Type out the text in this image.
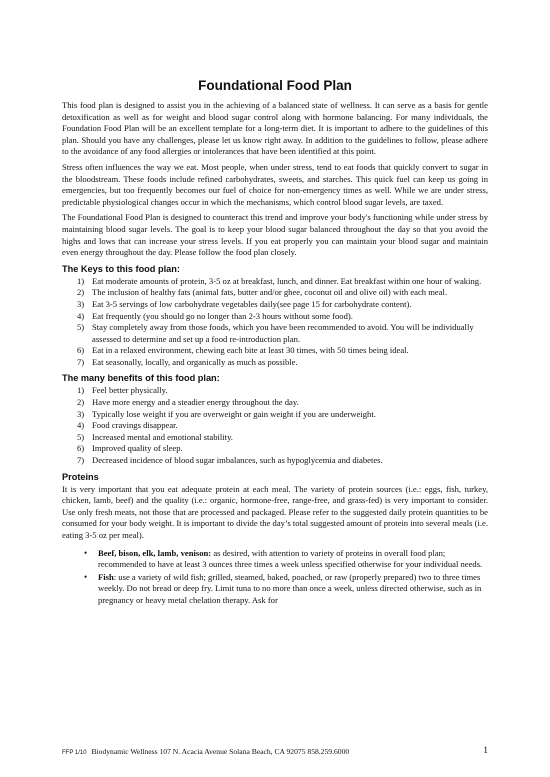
Foundational Food Plan

This food plan is designed to assist you in the achieving of a balanced state of wellness. It can serve as a basis for gentle detoxification as well as for weight and blood sugar control along with hormone balancing. For many individuals, the Foundation Food Plan will be an excellent template for a long-term diet. It is important to adhere to the guidelines of this plan. Should you have any challenges, please let us know right away. In addition to the guidelines to follow, please adhere to the avoidance of any food allergies or intolerances that have been identified at this point.

Stress often influences the way we eat. Most people, when under stress, tend to eat foods that quickly convert to sugar in the bloodstream. These foods include refined carbohydrates, sweets, and starches. This quick fuel can keep us going in emergencies, but too frequently becomes our fuel of choice for non-emergency times as well. While we are under stress, predictable physiological changes occur in which the mechanisms, which control blood sugar levels, are taxed.

The Foundational Food Plan is designed to counteract this trend and improve your body's functioning while under stress by maintaining blood sugar levels. The goal is to keep your blood sugar balanced throughout the day so that you avoid the highs and lows that can increase your stress levels. If you eat properly you can maintain your blood sugar and maintain even energy throughout the day. Please follow the food plan closely.

The Keys to this food plan:
1) Eat moderate amounts of protein, 3-5 oz at breakfast, lunch, and dinner. Eat breakfast within one hour of waking.
2) The inclusion of healthy fats (animal fats, butter and/or ghee, coconut oil and olive oil) with each meal.
3) Eat 3-5 servings of low carbohydrate vegetables daily(see page 15 for carbohydrate content).
4) Eat frequently (you should go no longer than 2-3 hours without some food).
5) Stay completely away from those foods, which you have been recommended to avoid. You will be individually assessed to determine and set up a food re-introduction plan.
6) Eat in a relaxed environment, chewing each bite at least 30 times, with 50 times being ideal.
7) Eat seasonally, locally, and organically as much as possible.
The many benefits of this food plan:
1) Feel better physically.
2) Have more energy and a steadier energy throughout the day.
3) Typically lose weight if you are overweight or gain weight if you are underweight.
4) Food cravings disappear.
5) Increased mental and emotional stability.
6) Improved quality of sleep.
7) Decreased incidence of blood sugar imbalances, such as hypoglycemia and diabetes.
Proteins

It is very important that you eat adequate protein at each meal. The variety of protein sources (i.e.: eggs, fish, turkey, chicken, lamb, beef) and the quality (i.e.: organic, hormone-free, range-free, and grass-fed) is very important to consider. Use only fresh meats, not those that are processed and packaged. Please refer to the suggested daily protein quantities to be consumed for your body weight. It is important to divide the day’s total suggested amount of protein into several meals (i.e. eating 3-5 oz per meal).

• Beef, bison, elk, lamb, venison: as desired, with attention to variety of proteins in overall food plan; recommended to have at least 3 ounces three times a week unless specified otherwise for your individual needs.
• Fish: use a variety of wild fish; grilled, steamed, baked, poached, or raw (properly prepared) two to three times weekly. Do not bread or deep fry. Limit tuna to no more than once a week, unless directed otherwise, such as in pregnancy or heavy metal chelation therapy. Ask for
FFP 1/10 Biodynamic Wellness 107 N. Acacia Avenue Solana Beach, CA 92075 858.259.6000	1
